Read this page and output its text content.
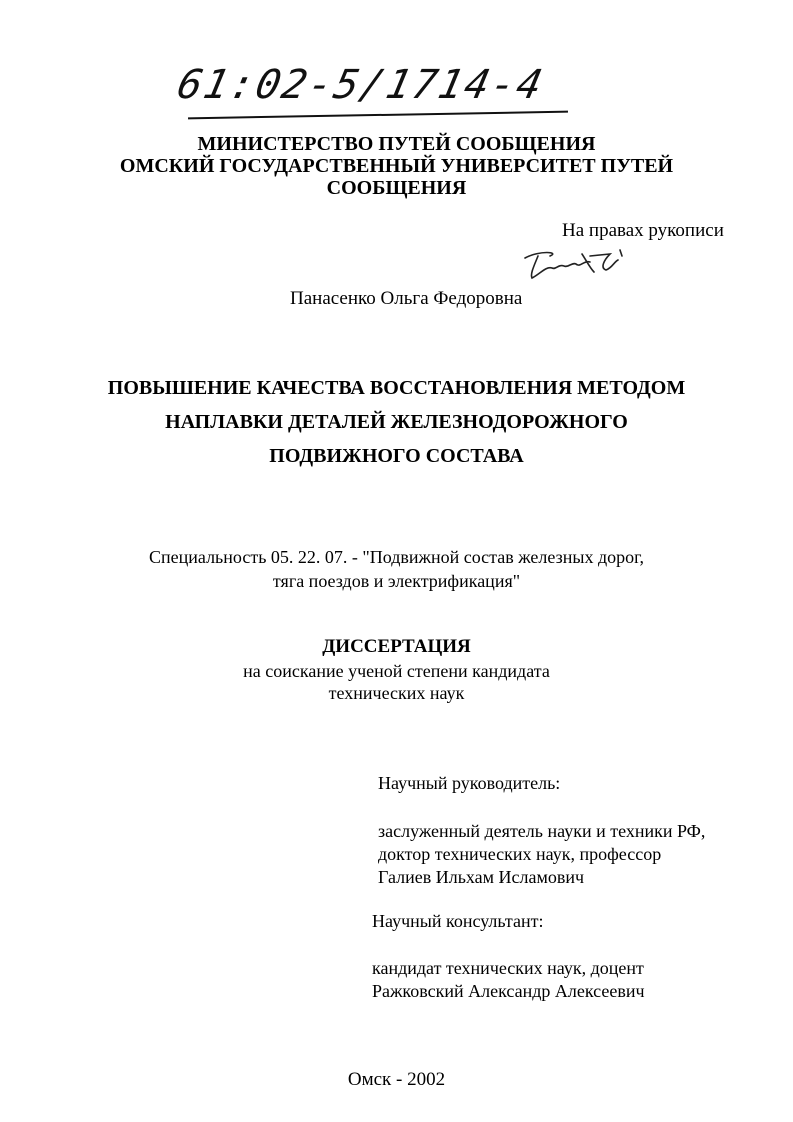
61:02-5/1714-4

МИНИСТЕРСТВО ПУТЕЙ СООБЩЕНИЯ

ОМСКИЙ ГОСУДАРСТВЕННЫЙ УНИВЕРСИТЕТ ПУТЕЙ

СООБЩЕНИЯ

На правах рукописи

Панасенко Ольга Федоровна

ПОВЫШЕНИЕ КАЧЕСТВА ВОССТАНОВЛЕНИЯ МЕТОДОМ

НАПЛАВКИ ДЕТАЛЕЙ ЖЕЛЕЗНОДОРОЖНОГО

ПОДВИЖНОГО СОСТАВА

Специальность 05. 22. 07. - "Подвижной состав железных дорог,

тяга поездов и электрификация"

ДИССЕРТАЦИЯ

на соискание ученой степени кандидата

технических наук

Научный руководитель:

заслуженный деятель науки и техники РФ,

доктор технических наук, профессор

Галиев Ильхам Исламович

Научный консультант:

кандидат технических наук, доцент

Ражковский Александр Алексеевич

Омск - 2002
